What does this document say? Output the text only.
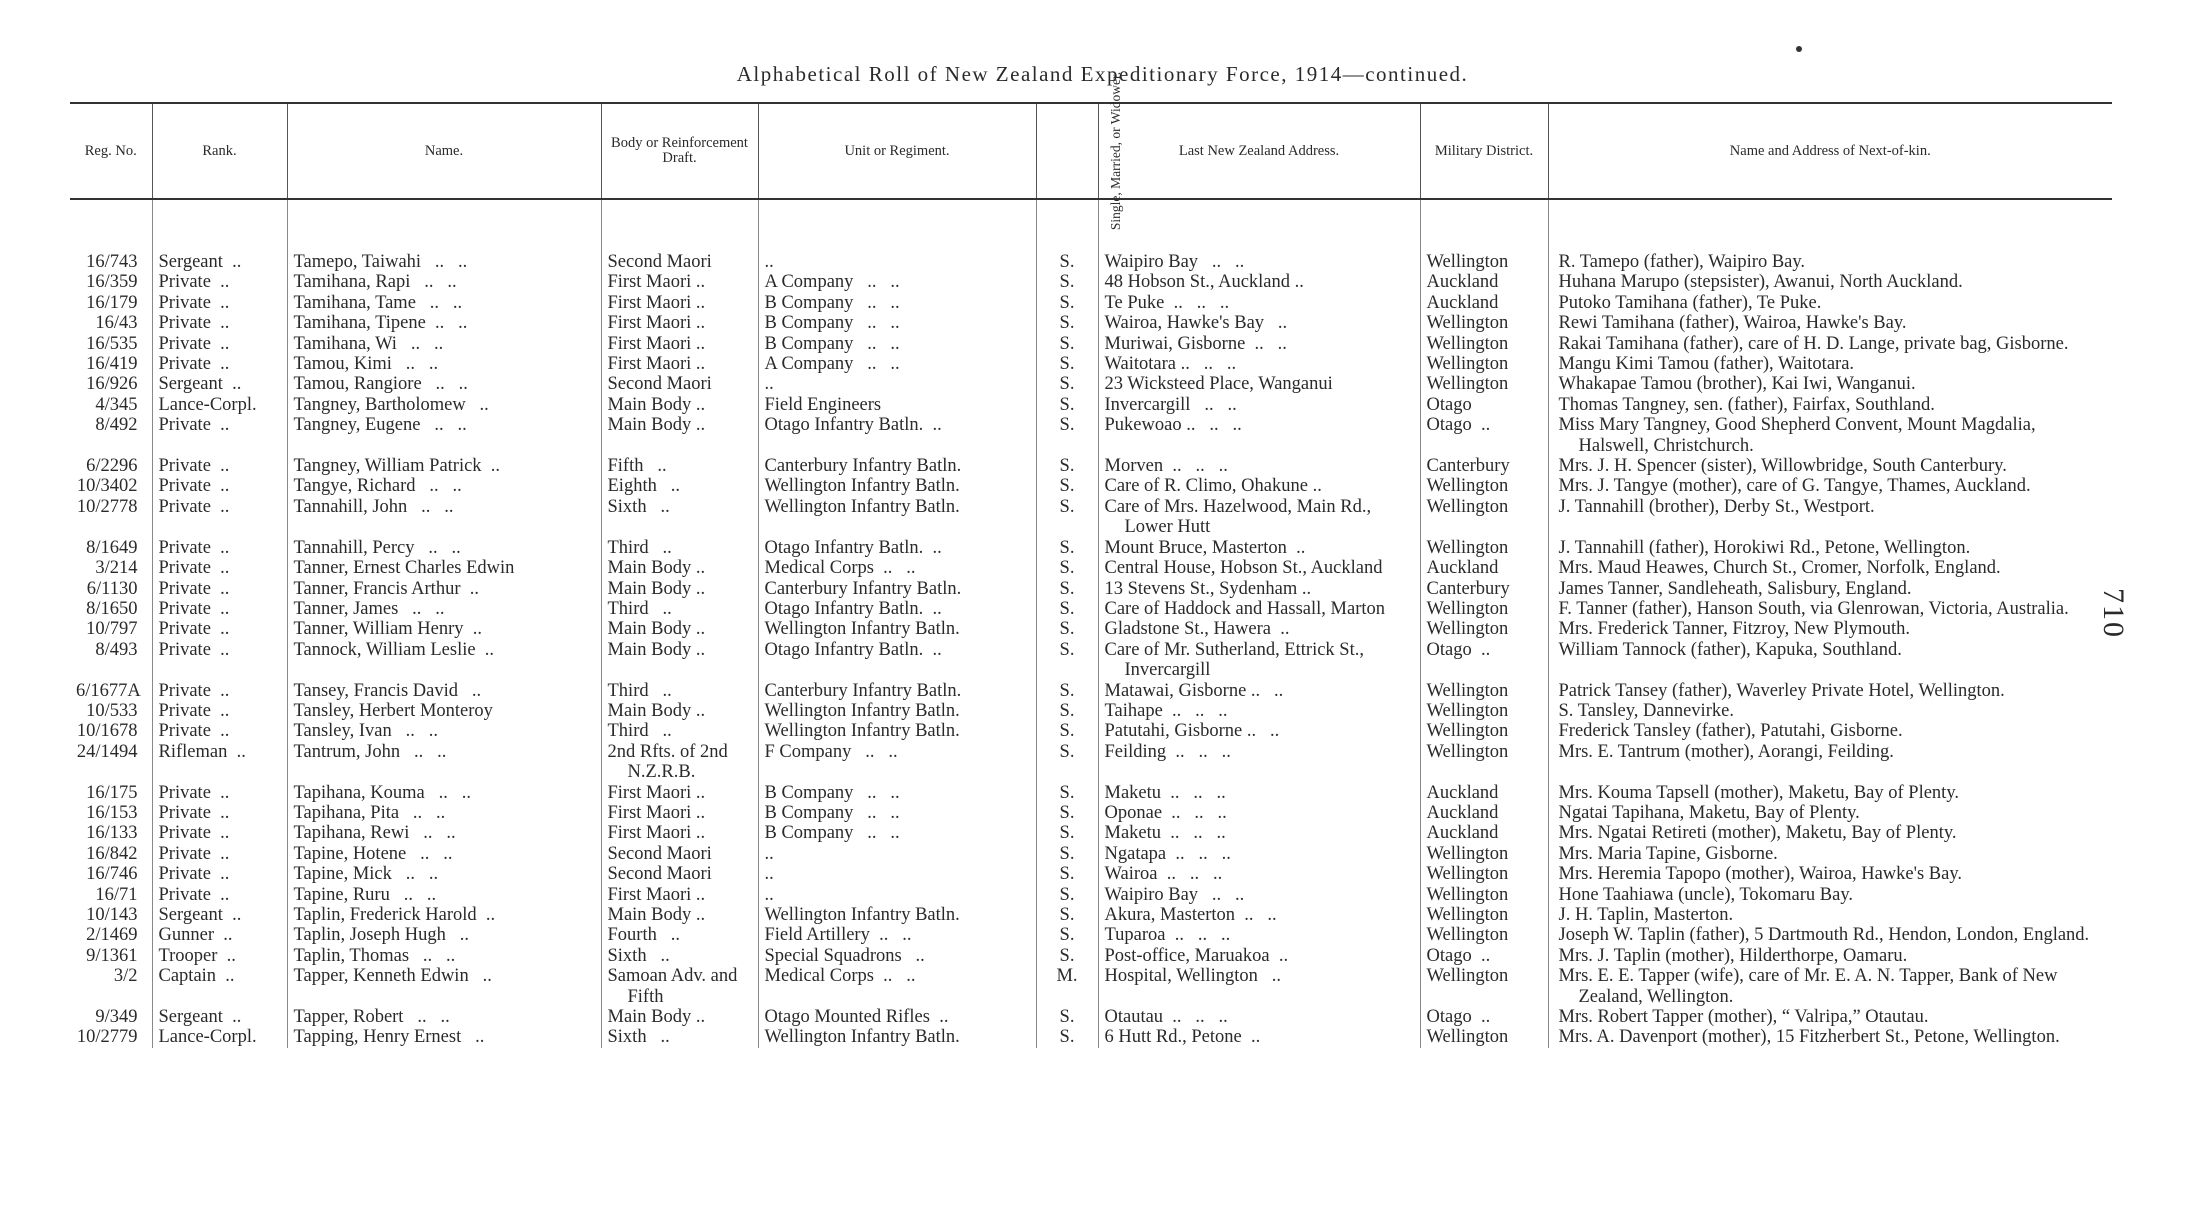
Alphabetical Roll of New Zealand Expeditionary Force, 1914—continued.
710
Reg. No.	Rank.	Name.	Body or Reinforcement Draft.	Unit or Regiment.	Single, Married, or Widower.	Last New Zealand Address.	Military District.	Name and Address of Next-of-kin.

16/743	Sergeant  ..	Tamepo, Taiwahi   ..   ..	Second Maori	..	S.	Waipiro Bay   ..   ..	Wellington	R. Tamepo (father), Waipiro Bay.

16/359	Private  ..	Tamihana, Rapi   ..   ..	First Maori ..	A Company   ..   ..	S.	48 Hobson St., Auckland ..	Auckland	Huhana Marupo (stepsister), Awanui, North Auckland.

16/179	Private  ..	Tamihana, Tame   ..   ..	First Maori ..	B Company   ..   ..	S.	Te Puke  ..   ..   ..	Auckland	Putoko Tamihana (father), Te Puke.

16/43	Private  ..	Tamihana, Tipene  ..   ..	First Maori ..	B Company   ..   ..	S.	Wairoa, Hawke's Bay   ..	Wellington	Rewi Tamihana (father), Wairoa, Hawke's Bay.

16/535	Private  ..	Tamihana, Wi   ..   ..	First Maori ..	B Company   ..   ..	S.	Muriwai, Gisborne  ..   ..	Wellington	Rakai Tamihana (father), care of H. D. Lange, private bag, Gisborne.

16/419	Private  ..	Tamou, Kimi   ..   ..	First Maori ..	A Company   ..   ..	S.	Waitotara ..   ..   ..	Wellington	Mangu Kimi Tamou (father), Waitotara.

16/926	Sergeant  ..	Tamou, Rangiore   ..   ..	Second Maori	..	S.	23 Wicksteed Place, Wanganui	Wellington	Whakapae Tamou (brother), Kai Iwi, Wanganui.

4/345	Lance-Corpl.	Tangney, Bartholomew   ..	Main Body ..	Field Engineers	S.	Invercargill   ..   ..	Otago	Thomas Tangney, sen. (father), Fairfax, Southland.

8/492	Private  ..	Tangney, Eugene   ..   ..	Main Body ..	Otago Infantry Batln.  ..	S.	Pukewoao ..   ..   ..	Otago  ..	Miss Mary Tangney, Good Shepherd Convent, Mount Magdalia, Halswell, Christchurch.

6/2296	Private  ..	Tangney, William Patrick  ..	Fifth   ..	Canterbury Infantry Batln.	S.	Morven  ..   ..   ..	Canterbury	Mrs. J. H. Spencer (sister), Willowbridge, South Canterbury.

10/3402	Private  ..	Tangye, Richard   ..   ..	Eighth   ..	Wellington Infantry Batln.	S.	Care of R. Climo, Ohakune ..	Wellington	Mrs. J. Tangye (mother), care of G. Tangye, Thames, Auckland.

10/2778	Private  ..	Tannahill, John   ..   ..	Sixth   ..	Wellington Infantry Batln.	S.	Care of Mrs. Hazelwood, Main Rd., Lower Hutt	Wellington	J. Tannahill (brother), Derby St., Westport.

8/1649	Private  ..	Tannahill, Percy   ..   ..	Third   ..	Otago Infantry Batln.  ..	S.	Mount Bruce, Masterton  ..	Wellington	J. Tannahill (father), Horokiwi Rd., Petone, Wellington.

3/214	Private  ..	Tanner, Ernest Charles Edwin	Main Body ..	Medical Corps  ..   ..	S.	Central House, Hobson St., Auckland	Auckland	Mrs. Maud Heawes, Church St., Cromer, Norfolk, England.

6/1130	Private  ..	Tanner, Francis Arthur  ..	Main Body ..	Canterbury Infantry Batln.	S.	13 Stevens St., Sydenham ..	Canterbury	James Tanner, Sandleheath, Salisbury, England.

8/1650	Private  ..	Tanner, James   ..   ..	Third   ..	Otago Infantry Batln.  ..	S.	Care of Haddock and Hassall, Marton	Wellington	F. Tanner (father), Hanson South, via Glenrowan, Victoria, Australia.

10/797	Private  ..	Tanner, William Henry  ..	Main Body ..	Wellington Infantry Batln.	S.	Gladstone St., Hawera  ..	Wellington	Mrs. Frederick Tanner, Fitzroy, New Plymouth.

8/493	Private  ..	Tannock, William Leslie  ..	Main Body ..	Otago Infantry Batln.  ..	S.	Care of Mr. Sutherland, Ettrick St., Invercargill	Otago  ..	William Tannock (father), Kapuka, Southland.

6/1677A	Private  ..	Tansey, Francis David   ..	Third   ..	Canterbury Infantry Batln.	S.	Matawai, Gisborne ..   ..	Wellington	Patrick Tansey (father), Waverley Private Hotel, Wellington.

10/533	Private  ..	Tansley, Herbert Monteroy	Main Body ..	Wellington Infantry Batln.	S.	Taihape  ..   ..   ..	Wellington	S. Tansley, Dannevirke.

10/1678	Private  ..	Tansley, Ivan   ..   ..	Third   ..	Wellington Infantry Batln.	S.	Patutahi, Gisborne ..   ..	Wellington	Frederick Tansley (father), Patutahi, Gisborne.

24/1494	Rifleman  ..	Tantrum, John   ..   ..	2nd Rfts. of 2nd N.Z.R.B.	F Company   ..   ..	S.	Feilding  ..   ..   ..	Wellington	Mrs. E. Tantrum (mother), Aorangi, Feilding.

16/175	Private  ..	Tapihana, Kouma   ..   ..	First Maori ..	B Company   ..   ..	S.	Maketu  ..   ..   ..	Auckland	Mrs. Kouma Tapsell (mother), Maketu, Bay of Plenty.

16/153	Private  ..	Tapihana, Pita   ..   ..	First Maori ..	B Company   ..   ..	S.	Oponae  ..   ..   ..	Auckland	Ngatai Tapihana, Maketu, Bay of Plenty.

16/133	Private  ..	Tapihana, Rewi   ..   ..	First Maori ..	B Company   ..   ..	S.	Maketu  ..   ..   ..	Auckland	Mrs. Ngatai Retireti (mother), Maketu, Bay of Plenty.

16/842	Private  ..	Tapine, Hotene   ..   ..	Second Maori	..	S.	Ngatapa  ..   ..   ..	Wellington	Mrs. Maria Tapine, Gisborne.

16/746	Private  ..	Tapine, Mick   ..   ..	Second Maori	..	S.	Wairoa  ..   ..   ..	Wellington	Mrs. Heremia Tapopo (mother), Wairoa, Hawke's Bay.

16/71	Private  ..	Tapine, Ruru   ..   ..	First Maori ..	..	S.	Waipiro Bay   ..   ..	Wellington	Hone Taahiawa (uncle), Tokomaru Bay.

10/143	Sergeant  ..	Taplin, Frederick Harold  ..	Main Body ..	Wellington Infantry Batln.	S.	Akura, Masterton  ..   ..	Wellington	J. H. Taplin, Masterton.

2/1469	Gunner  ..	Taplin, Joseph Hugh   ..	Fourth   ..	Field Artillery  ..   ..	S.	Tuparoa  ..   ..   ..	Wellington	Joseph W. Taplin (father), 5 Dartmouth Rd., Hendon, London, England.

9/1361	Trooper  ..	Taplin, Thomas   ..   ..	Sixth   ..	Special Squadrons   ..	S.	Post-office, Maruakoa  ..	Otago  ..	Mrs. J. Taplin (mother), Hilderthorpe, Oamaru.

3/2	Captain  ..	Tapper, Kenneth Edwin   ..	Samoan Adv. and Fifth	Medical Corps  ..   ..	M.	Hospital, Wellington   ..	Wellington	Mrs. E. E. Tapper (wife), care of Mr. E. A. N. Tapper, Bank of New Zealand, Wellington.

9/349	Sergeant  ..	Tapper, Robert   ..   ..	Main Body ..	Otago Mounted Rifles  ..	S.	Otautau  ..   ..   ..	Otago  ..	Mrs. Robert Tapper (mother), “ Valripa,” Otautau.

10/2779	Lance-Corpl.	Tapping, Henry Ernest   ..	Sixth   ..	Wellington Infantry Batln.	S.	6 Hutt Rd., Petone  ..	Wellington	Mrs. A. Davenport (mother), 15 Fitzherbert St., Petone, Wellington.
